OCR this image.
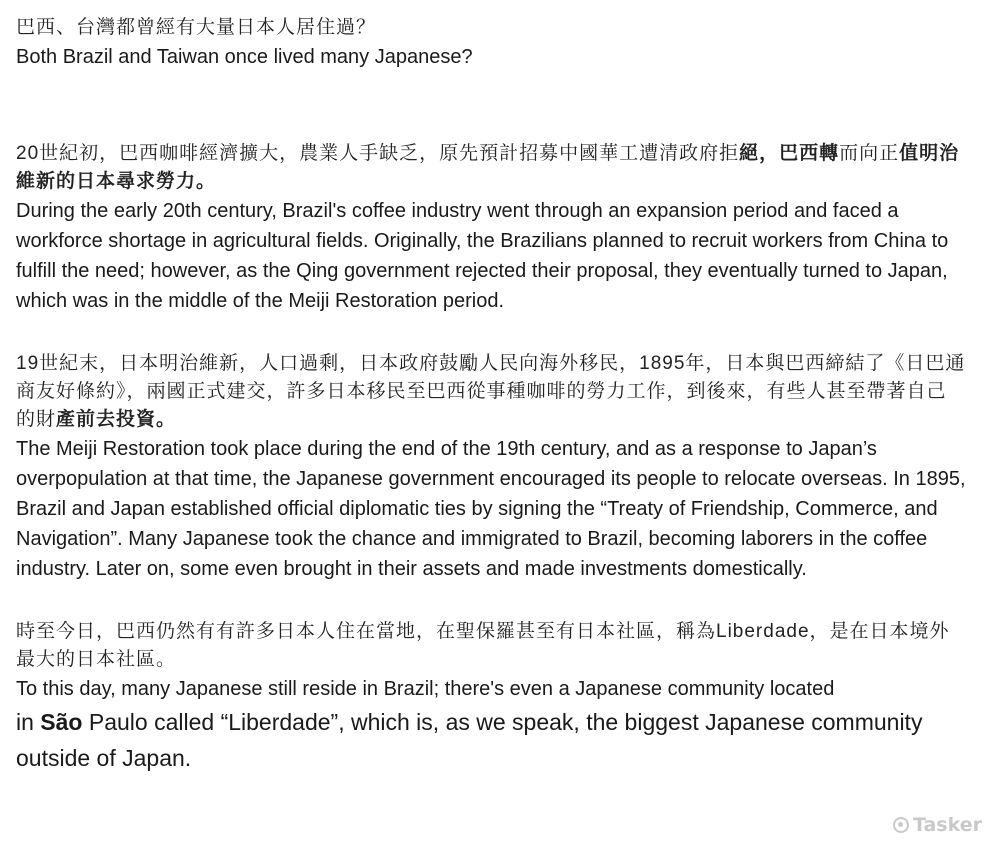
巴西、台灣都曾經有大量日本人居住過？

Both Brazil and Taiwan once lived many Japanese?

20世紀初，巴西咖啡經濟擴大，農業人手缺乏，原先預計招募中國華工遭清政府拒絕，巴西轉而向正值明治維新的日本尋求勞力。

During the early 20th century, Brazil's coffee industry went through an expansion period and faced a workforce shortage in agricultural fields. Originally, the Brazilians planned to recruit workers from China to fulfill the need; however, as the Qing government rejected their proposal, they eventually turned to Japan, which was in the middle of the Meiji Restoration period.

19世紀末，日本明治維新，人口過剩，日本政府鼓勵人民向海外移民，1895年，日本與巴西締結了《日巴通商友好條約》，兩國正式建交，許多日本移民至巴西從事種咖啡的勞力工作，到後來，有些人甚至帶著自己的財產前去投資。

The Meiji Restoration took place during the end of the 19th century, and as a response to Japan’s overpopulation at that time, the Japanese government encouraged its people to relocate overseas. In 1895, Brazil and Japan established official diplomatic ties by signing the “Treaty of Friendship, Commerce, and Navigation”. Many Japanese took the chance and immigrated to Brazil, becoming laborers in the coffee industry. Later on, some even brought in their assets and made investments domestically.

時至今日，巴西仍然有有許多日本人住在當地，在聖保羅甚至有日本社區，稱為Liberdade，是在日本境外最大的日本社區。

To this day, many Japanese still reside in Brazil; there's even a Japanese community located
in São Paulo called “Liberdade”, which is, as we speak, the biggest Japanese community outside of Japan.

Tasker
